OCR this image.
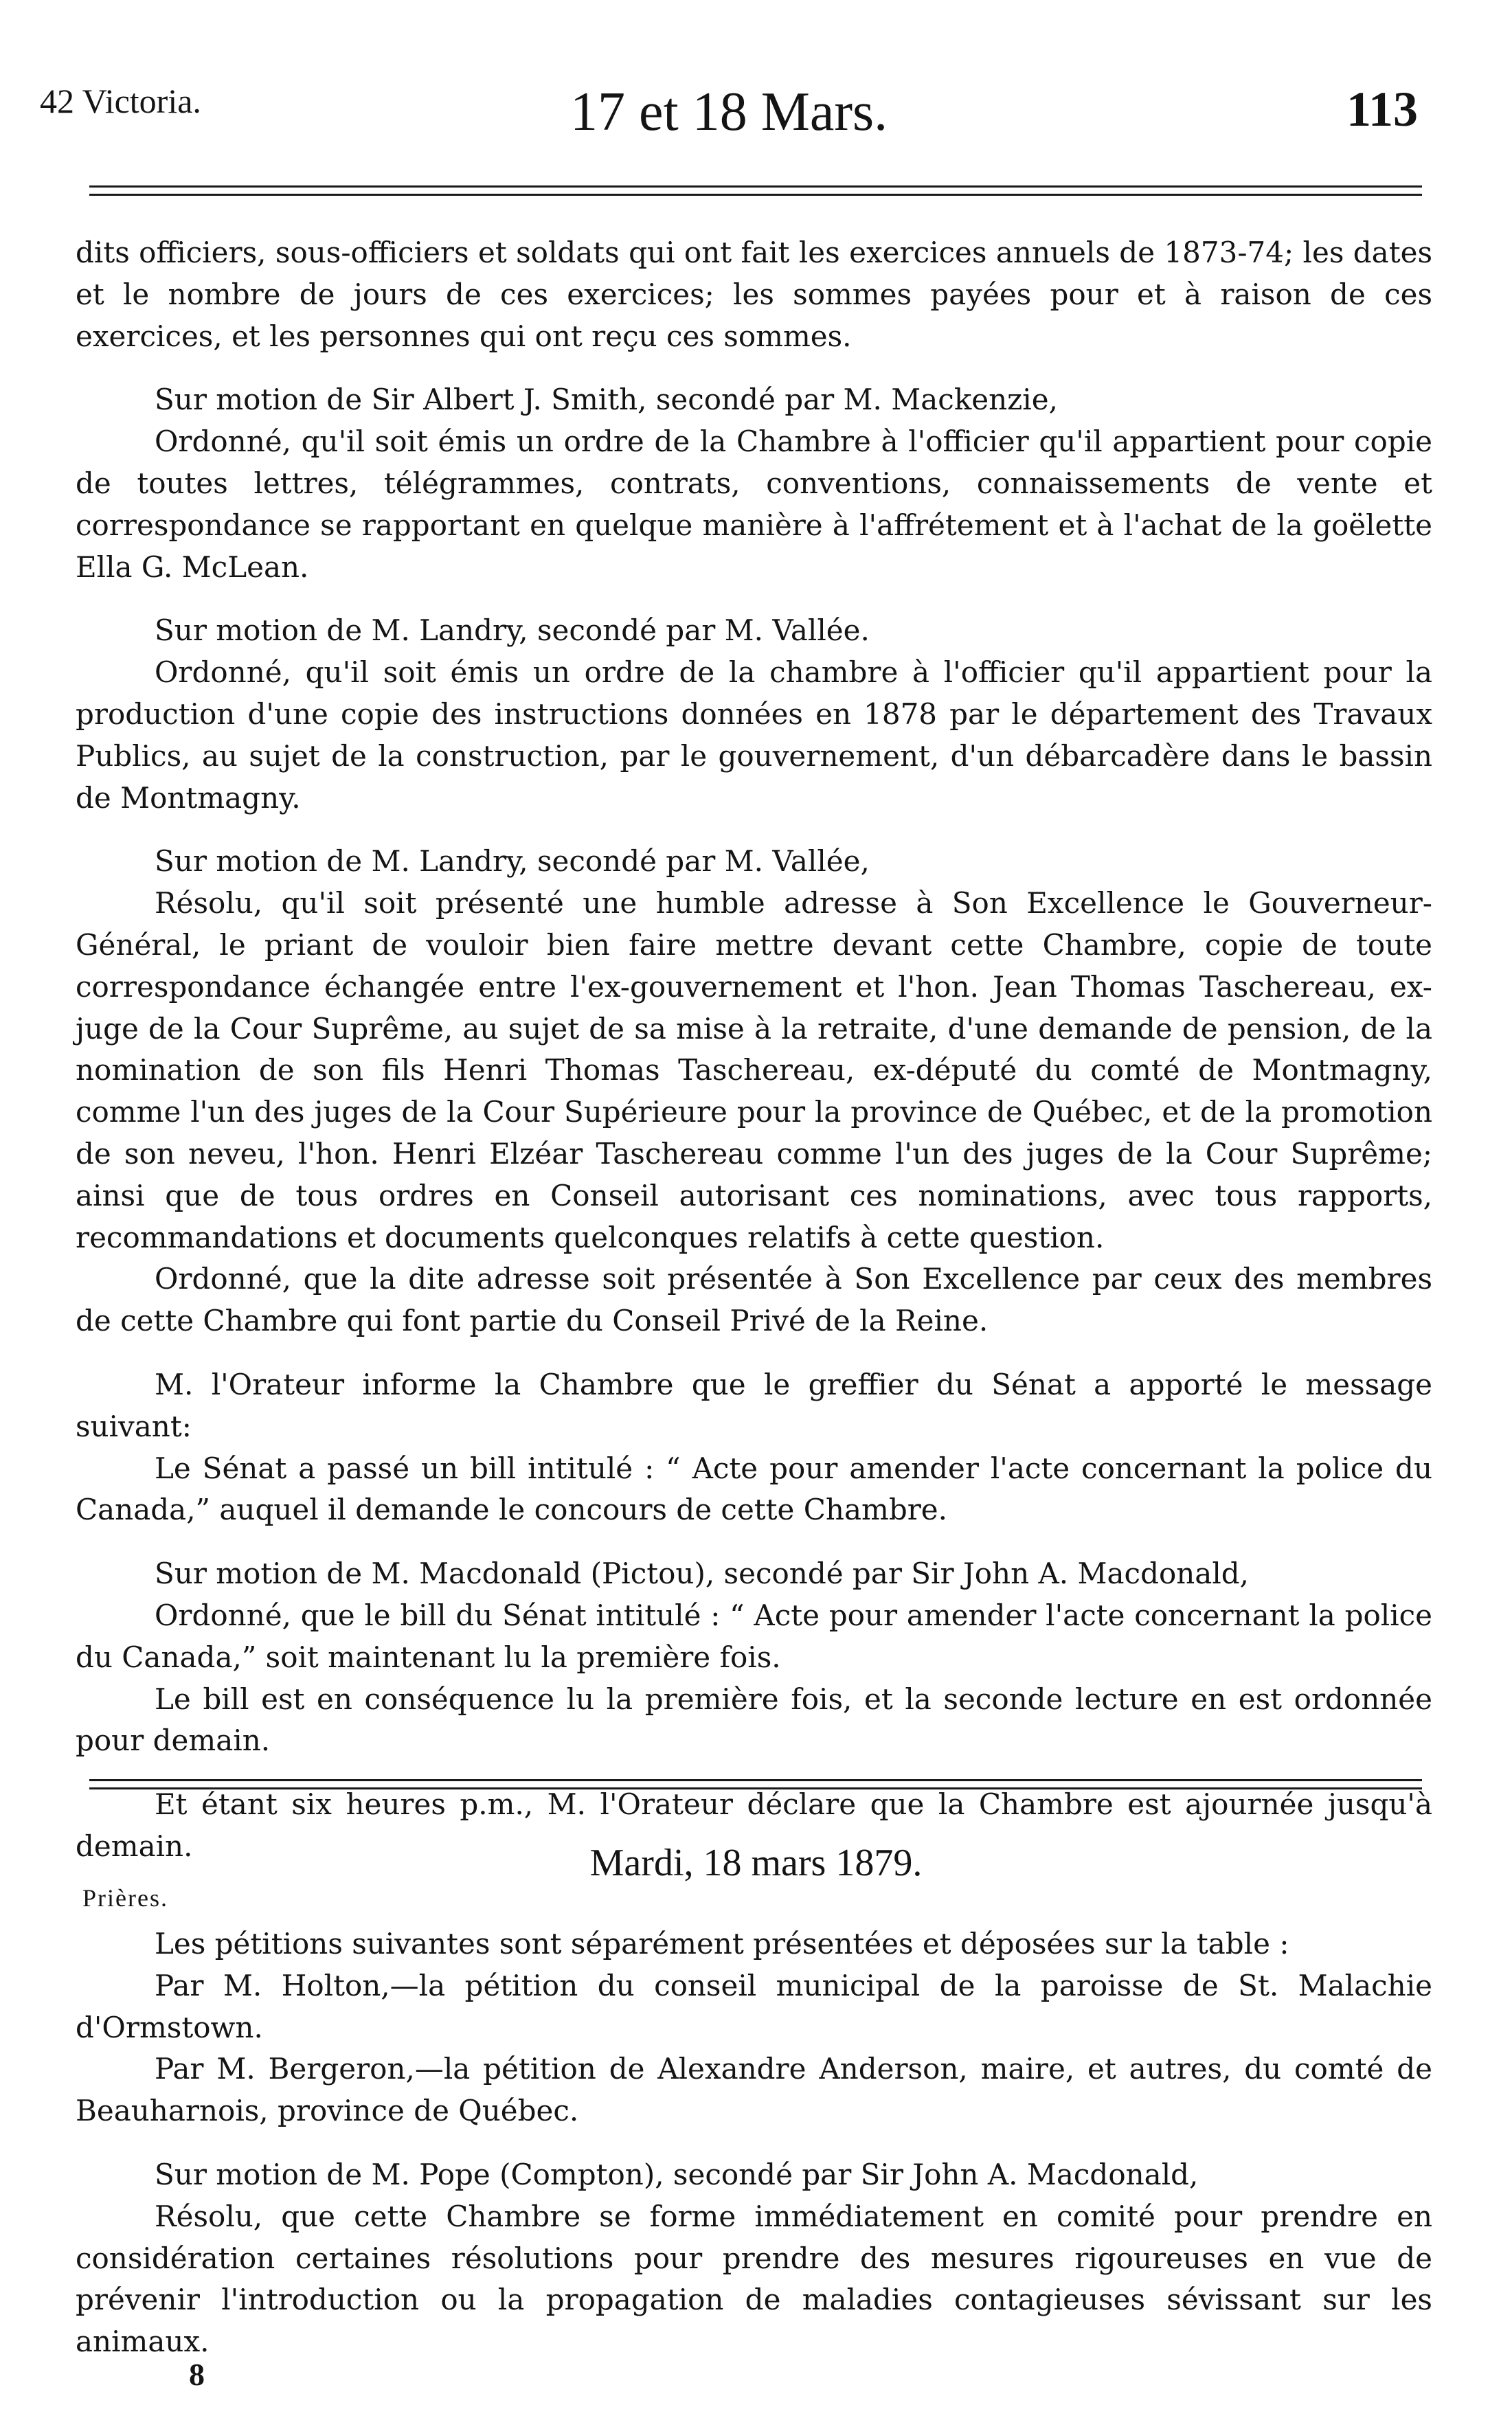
42 Victoria.	17 et 18 Mars.	113

dits officiers, sous-officiers et soldats qui ont fait les exercices annuels de 1873-74; les dates et le nombre de jours de ces exercices; les sommes payées pour et à raison de ces exercices, et les personnes qui ont reçu ces sommes.

Sur motion de Sir Albert J. Smith, secondé par M. Mackenzie,

Ordonné, qu'il soit émis un ordre de la Chambre à l'officier qu'il appartient pour copie de toutes lettres, télégrammes, contrats, conventions, connaissements de vente et correspondance se rapportant en quelque manière à l'affrétement et à l'achat de la goëlette Ella G. McLean.

Sur motion de M. Landry, secondé par M. Vallée.

Ordonné, qu'il soit émis un ordre de la chambre à l'officier qu'il appartient pour la production d'une copie des instructions données en 1878 par le département des Travaux Publics, au sujet de la construction, par le gouvernement, d'un débarcadère dans le bassin de Montmagny.

Sur motion de M. Landry, secondé par M. Vallée,

Résolu, qu'il soit présenté une humble adresse à Son Excellence le Gouverneur-Général, le priant de vouloir bien faire mettre devant cette Chambre, copie de toute correspondance échangée entre l'ex-gouvernement et l'hon. Jean Thomas Taschereau, ex-juge de la Cour Suprême, au sujet de sa mise à la retraite, d'une demande de pension, de la nomination de son fils Henri Thomas Taschereau, ex-député du comté de Montmagny, comme l'un des juges de la Cour Supérieure pour la province de Québec, et de la promotion de son neveu, l'hon. Henri Elzéar Taschereau comme l'un des juges de la Cour Suprême; ainsi que de tous ordres en Conseil autorisant ces nominations, avec tous rapports, recommandations et documents quelconques relatifs à cette question.

Ordonné, que la dite adresse soit présentée à Son Excellence par ceux des membres de cette Chambre qui font partie du Conseil Privé de la Reine.

M. l'Orateur informe la Chambre que le greffier du Sénat a apporté le message suivant:

Le Sénat a passé un bill intitulé : “ Acte pour amender l'acte concernant la police du Canada,” auquel il demande le concours de cette Chambre.

Sur motion de M. Macdonald (Pictou), secondé par Sir John A. Macdonald,

Ordonné, que le bill du Sénat intitulé : “ Acte pour amender l'acte concernant la police du Canada,” soit maintenant lu la première fois.

Le bill est en conséquence lu la première fois, et la seconde lecture en est ordonnée pour demain.

Et étant six heures p.m., M. l'Orateur déclare que la Chambre est ajournée jusqu'à demain.	Mardi, 18 mars 1879.
Prières.

Les pétitions suivantes sont séparément présentées et déposées sur la table :

Par M. Holton,—la pétition du conseil municipal de la paroisse de St. Malachie d'Ormstown.

Par M. Bergeron,—la pétition de Alexandre Anderson, maire, et autres, du comté de Beauharnois, province de Québec.

Sur motion de M. Pope (Compton), secondé par Sir John A. Macdonald,

Résolu, que cette Chambre se forme immédiatement en comité pour prendre en considération certaines résolutions pour prendre des mesures rigoureuses en vue de prévenir l'introduction ou la propagation de maladies contagieuses sévissant sur les animaux.

8
